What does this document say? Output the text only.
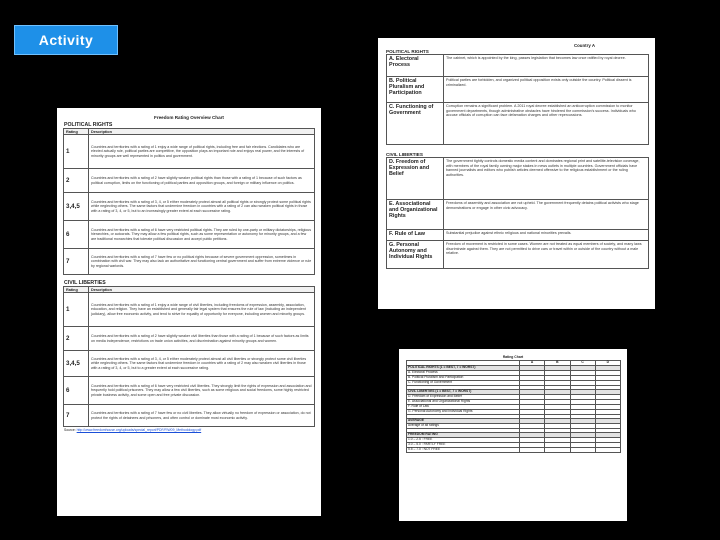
Activity
Freedom Rating Overview Chart
POLITICAL RIGHTS
Rating	Description
1	Countries and territories with a rating of 1 enjoy a wide range of political rights, including free and fair elections. Candidates who are elected actually rule, political parties are competitive, the opposition plays an important role and enjoys real power, and the interests of minority groups are well represented in politics and government.
2	Countries and territories with a rating of 2 have slightly weaker political rights than those with a rating of 1 because of such factors as political corruption, limits on the functioning of political parties and opposition groups, and foreign or military influence on politics.
3,4,5	Countries and territories with a rating of 3, 4, or 5 either moderately protect almost all political rights or strongly protect some political rights while neglecting others. The same factors that undermine freedom in countries with a rating of 2 can also weaken political rights in those with a rating of 3, 4, or 5, but to an increasingly greater extent at each successive rating.
6	Countries and territories with a rating of 6 have very restricted political rights. They are ruled by one-party or military dictatorships, religious hierarchies, or autocrats. They may allow a few political rights, such as some representation or autonomy for minority groups, and a few are traditional monarchies that tolerate political discussion and accept public petitions.
7	Countries and territories with a rating of 7 have few or no political rights because of severe government oppression, sometimes in combination with civil war. They may also lack an authoritative and functioning central government and suffer from extreme violence or rule by regional warlords.
CIVIL LIBERTIES
Rating	Description
1	Countries and territories with a rating of 1 enjoy a wide range of civil liberties, including freedoms of expression, assembly, association, education, and religion. They have an established and generally fair legal system that ensures the rule of law (including an independent judiciary), allow free economic activity, and tend to strive for equality of opportunity for everyone, including women and minority groups.
2	Countries and territories with a rating of 2 have slightly weaker civil liberties than those with a rating of 1 because of such factors as limits on media independence, restrictions on trade union activities, and discrimination against minority groups and women.
3,4,5	Countries and territories with a rating of 3, 4, or 5 either moderately protect almost all civil liberties or strongly protect some civil liberties while neglecting others. The same factors that undermine freedom in countries with a rating of 2 may also weaken civil liberties in those with a rating of 3, 4, or 5, but to a greater extent at each successive rating.
6	Countries and territories with a rating of 6 have very restricted civil liberties. They strongly limit the rights of expression and association and frequently hold political prisoners. They may allow a few civil liberties, such as some religious and social freedoms, some highly restricted private business activity, and some open and free private discussion.
7	Countries and territories with a rating of 7 have few or no civil liberties. They allow virtually no freedom of expression or association, do not protect the rights of detainees and prisoners, and often control or dominate most economic activity.
Source: http://www.freedomhouse.org/uploads/special_report/PDF/FIW09_Methodology.pdf
Country A
POLITICAL RIGHTS
A. Electoral Process	The cabinet, which is appointed by the king, passes legislation that becomes law once ratified by royal decree.
B. Political Pluralism and Participation	Political parties are forbidden, and organized political opposition exists only outside the country. Political dissent is criminalized.
C. Functioning of Government	Corruption remains a significant problem. A 2011 royal decree established an anticorruption commission to monitor government departments, though administrative obstacles have hindered the commission's success. Individuals who accuse officials of corruption can face defamation charges and other repercussions.
CIVIL LIBERTIES
D. Freedom of Expression and Belief	The government tightly controls domestic media content and dominates regional print and satellite-television coverage, with members of the royal family owning major stakes in news outlets in multiple countries. Government officials have banned journalists and editors who publish articles deemed offensive to the religious establishment or the ruling authorities.
E. Associational and Organizational Rights	Freedoms of assembly and association are not upheld. The government frequently detains political activists who stage demonstrations or engage in other civic advocacy.
F. Rule of Law	Substantial prejudice against ethnic religious and national minorities prevails.
G. Personal Autonomy and Individual Rights	Freedom of movement is restricted in some cases. Women are not treated as equal members of society, and many laws discriminate against them. They are not permitted to drive cars or travel within or outside of the country without a male relative.
Rating Chart
	A	B	C	D
POLITICAL RIGHTS (1 = BEST, 7 = WORST)				
A. Electoral Process				
B. Political Pluralism and Participation				
C. Functioning of Government				

CIVIL LIBERTIES (1 = BEST, 7 = WORST)				
D. Freedom of Expression and Belief				
E. Associational and Organizational Rights				
F. Rule of Law				
G. Personal Autonomy and Individual Rights				

AVERAGE				
Average of all ratings				

FREEDOM RATING				
1.0 – 2.5 : FREE				
3.0 – 5.0 : PARTLY FREE				
5.5 – 7.0 : NOT FREE				
